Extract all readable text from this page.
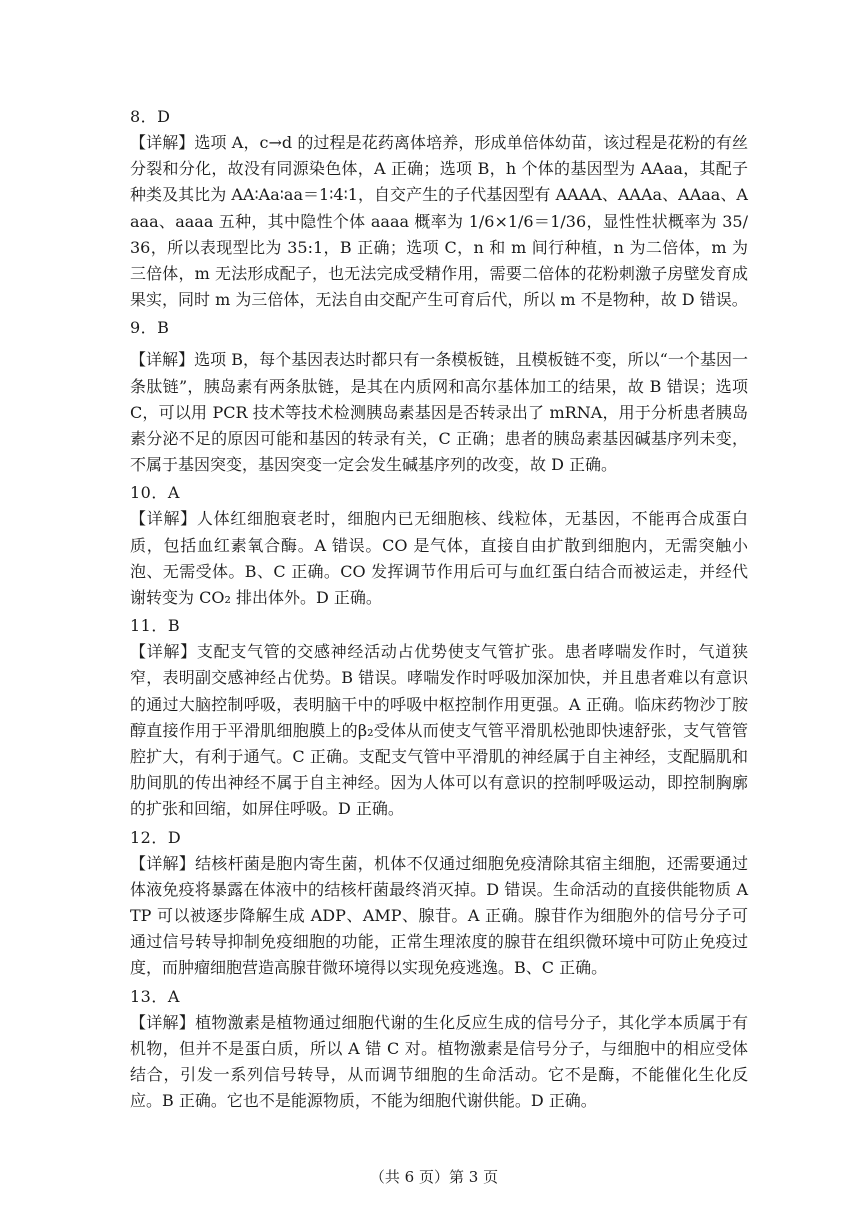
8．D

【详解】选项 A，c→d 的过程是花药离体培养，形成单倍体幼苗，该过程是花粉的有丝分裂和分化，故没有同源染色体，A 正确；选项 B，h 个体的基因型为 AAaa，其配子种类及其比为 AA∶Aa∶aa＝1∶4∶1，自交产生的子代基因型有 AAAA、AAAa、AAaa、Aaaa、aaaa 五种，其中隐性个体 aaaa 概率为 1/6×1/6＝1/36，显性性状概率为 35/36，所以表现型比为 35:1，B 正确；选项 C，n 和 m 间行种植，n 为二倍体，m 为三倍体，m 无法形成配子，也无法完成受精作用，需要二倍体的花粉刺激子房壁发育成果实，同时 m 为三倍体，无法自由交配产生可育后代，所以 m 不是物种，故 D 错误。

9．B

【详解】选项 B，每个基因表达时都只有一条模板链，且模板链不变，所以“一个基因一条肽链”，胰岛素有两条肽链，是其在内质网和高尔基体加工的结果，故 B 错误；选项 C，可以用 PCR 技术等技术检测胰岛素基因是否转录出了 mRNA，用于分析患者胰岛素分泌不足的原因可能和基因的转录有关，C 正确；患者的胰岛素基因碱基序列未变，不属于基因突变，基因突变一定会发生碱基序列的改变，故 D 正确。

10．A

【详解】人体红细胞衰老时，细胞内已无细胞核、线粒体，无基因，不能再合成蛋白质，包括血红素氧合酶。A 错误。CO 是气体，直接自由扩散到细胞内，无需突触小泡、无需受体。B、C 正确。CO 发挥调节作用后可与血红蛋白结合而被运走，并经代谢转变为 CO₂ 排出体外。D 正确。

11．B

【详解】支配支气管的交感神经活动占优势使支气管扩张。患者哮喘发作时，气道狭窄，表明副交感神经占优势。B 错误。哮喘发作时呼吸加深加快，并且患者难以有意识的通过大脑控制呼吸，表明脑干中的呼吸中枢控制作用更强。A 正确。临床药物沙丁胺醇直接作用于平滑肌细胞膜上的β₂受体从而使支气管平滑肌松弛即快速舒张，支气管管腔扩大，有利于通气。C 正确。支配支气管中平滑肌的神经属于自主神经，支配膈肌和肋间肌的传出神经不属于自主神经。因为人体可以有意识的控制呼吸运动，即控制胸廓的扩张和回缩，如屏住呼吸。D 正确。

12．D

【详解】结核杆菌是胞内寄生菌，机体不仅通过细胞免疫清除其宿主细胞，还需要通过体液免疫将暴露在体液中的结核杆菌最终消灭掉。D 错误。生命活动的直接供能物质 ATP 可以被逐步降解生成 ADP、AMP、腺苷。A 正确。腺苷作为细胞外的信号分子可通过信号转导抑制免疫细胞的功能，正常生理浓度的腺苷在组织微环境中可防止免疫过度，而肿瘤细胞营造高腺苷微环境得以实现免疫逃逸。B、C 正确。

13．A

【详解】植物激素是植物通过细胞代谢的生化反应生成的信号分子，其化学本质属于有机物，但并不是蛋白质，所以 A 错 C 对。植物激素是信号分子，与细胞中的相应受体结合，引发一系列信号转导，从而调节细胞的生命活动。它不是酶，不能催化生化反应。B 正确。它也不是能源物质，不能为细胞代谢供能。D 正确。

（共 6 页）第 3 页
